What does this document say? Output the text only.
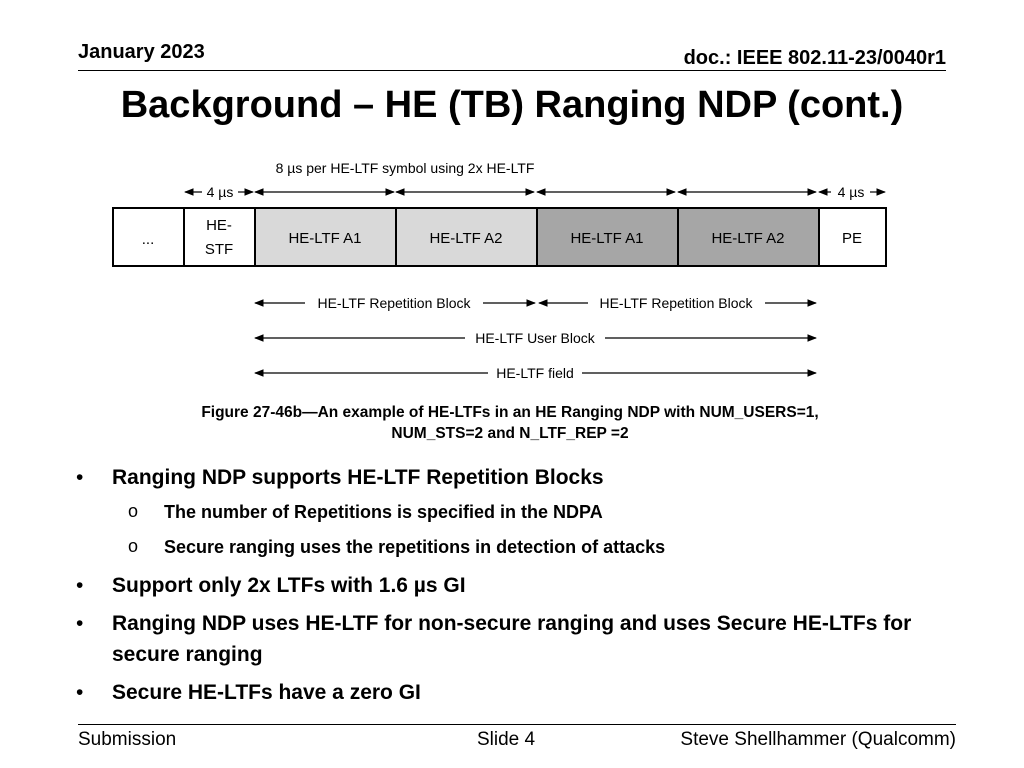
January 2023	doc.: IEEE 802.11-23/0040r1
Background – HE (TB) Ranging NDP (cont.)
8 µs per HE-LTF symbol using 2x HE-LTF
4 µs	4 µs
...
HE-
STF
HE-LTF A1	HE-LTF A2	HE-LTF A1	HE-LTF A2	PE
HE-LTF Repetition Block	HE-LTF Repetition Block
HE-LTF User Block
HE-LTF field
Figure 27-46b—An example of HE-LTFs in an HE Ranging NDP with NUM_USERS=1,
NUM_STS=2 and N_LTF_REP =2
• Ranging NDP supports HE-LTF Repetition Blocks
o The number of Repetitions is specified in the NDPA
o Secure ranging uses the repetitions in detection of attacks
• Support only 2x LTFs with 1.6 µs GI
• Ranging NDP uses HE-LTF for non-secure ranging and uses Secure HE-LTFs for secure ranging
• Secure HE-LTFs have a zero GI
Submission	Slide 4	Steve Shellhammer (Qualcomm)
